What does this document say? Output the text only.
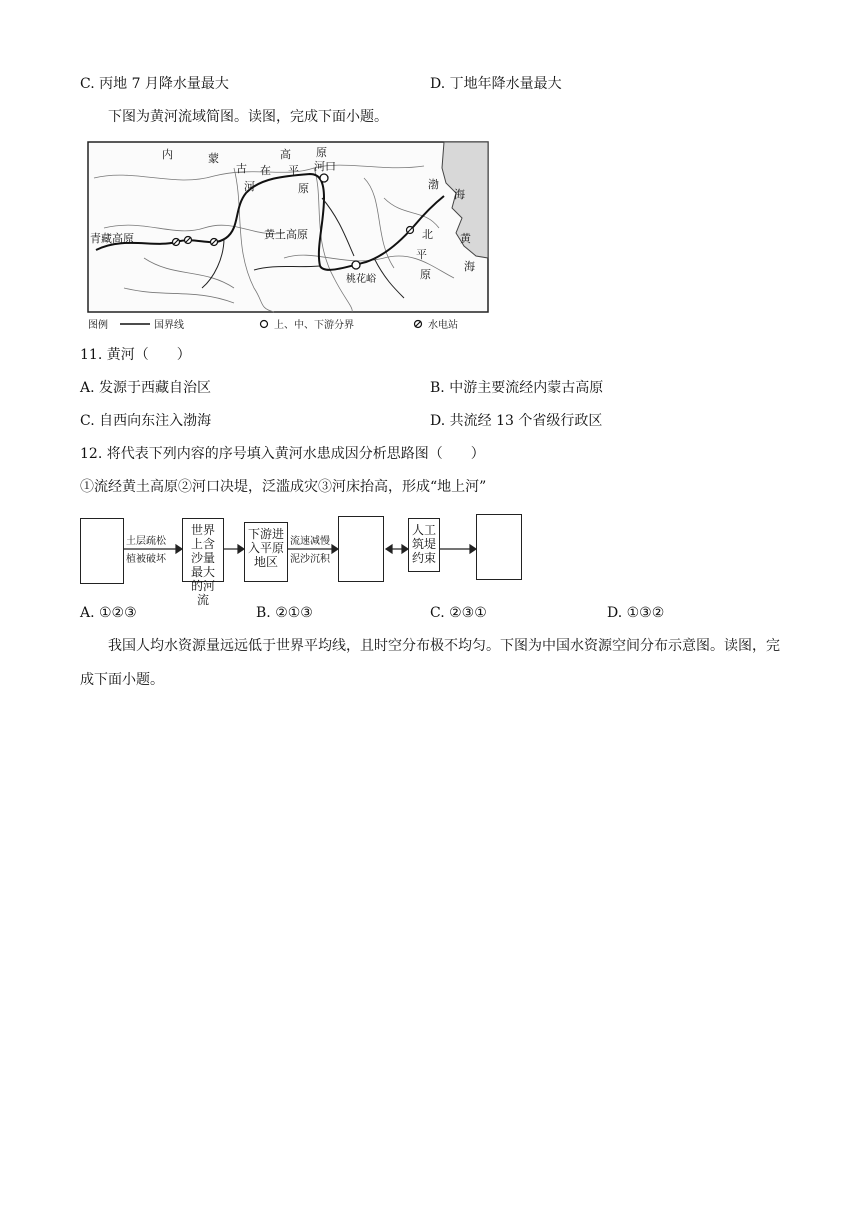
C. 丙地 7 月降水量最大	D. 丁地年降水量最大
下图为黄河流域简图。读图，完成下面小题。
内	蒙
古
高 原
在 平
原
河口
河
青藏高原	黄土高原
渤
海
黄
海
北
平
原
桃花峪
图例	国界线	上、中、下游分界	水电站
11. 黄河（　　）
A. 发源于西藏自治区	B. 中游主要流经内蒙古高原
C. 自西向东注入渤海	D. 共流经 13 个省级行政区
12. 将代表下列内容的序号填入黄河水患成因分析思路图（　　）
①流经黄土高原②河口决堤，泛滥成灾③河床抬高，形成“地上河”
土层疏松
植被破坏
世界上含沙量最大的河流
下游进入平原地区
流速减慢
泥沙沉积
人工筑堤约束
A. ①②③	B. ②①③	C. ②③①	D. ①③②
我国人均水资源量远远低于世界平均线，且时空分布极不均匀。下图为中国水资源空间分布示意图。读图，完成下面小题。
